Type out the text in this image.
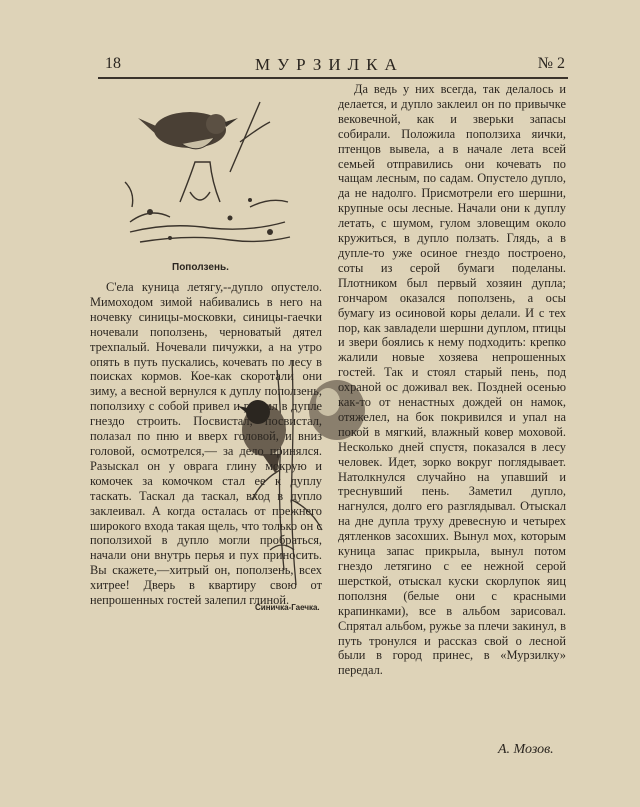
18	МУРЗИЛКА	№ 2
Поползень.
Синичка-Гаечка.

С'ела куница летягу,--дупло опустело. Мимоходом зимой набивались в него на ночевку синицы-московки, синицы-гаечки ночевали поползень, черноватый дятел трехпалый. Ночевали пичужки, а на утро опять в путь пускались, кочевать по лесу в поисках кормов. Кое-как скоротали они зиму, а весной вернулся к дуплу поползень, поползиху с собой привел и решил в дупле гнездо строить. Посвистал, посвистал, полазал по пню и вверх головой, и вниз головой, осмотрелся,— за дело принялся. Разыскал он у оврага глину мокрую и комочек за комочком стал ее к дуплу таскать. Таскал да таскал, вход в дупло заклеивал. А когда осталась от прежнего широкого входа такая щель, что только он с поползихой в дупло могли пробраться, начали они внутрь перья и пух приносить. Вы скажете,—хитрый он, поползень, всех хитрее! Дверь в квартиру свою от непрошенных гостей залепил глиной.

Да ведь у них всегда, так делалось и делается, и дупло заклеил он по привычке вековечной, как и зверьки запасы собирали. Положила поползиха яички, птенцов вывела, а в начале лета всей семьей отправились они кочевать по чащам лесным, по садам. Опустело дупло, да не надолго. Присмотрели его шершни, крупные осы лесные. Начали они к дуплу летать, с шумом, гулом зловещим около кружиться, в дупло ползать. Глядь, а в дупле-то уже осиное гнездо построено, соты из серой бумаги поделаны. Плотником был первый хозяин дупла; гончаром оказался поползень, а осы бумагу из осиновой коры делали. И с тех пор, как завладели шершни дуплом, птицы и звери боялись к нему подходить: крепко жалили новые хозяева непрошенных гостей. Так и стоял старый пень, под охраной ос доживал век. Поздней осенью как-то от ненастных дождей он намок, отяжелел, на бок покривился и упал на покой в мягкий, влажный ковер моховой. Несколько дней спустя, показался в лесу человек. Идет, зорко вокруг поглядывает. Натолкнулся случайно на упавший и треснувший пень. Заметил дупло, нагнулся, долго его разглядывал. Отыскал на дне дупла труху древесную и четырех дятленков засохших. Вынул мох, которым куница запас прикрыла, вынул потом гнездо летягино с ее нежной серой шерсткой, отыскал куски скорлупок яиц поползня (белые они с красными крапинками), все в альбом зарисовал. Спрятал альбом, ружье за плечи закинул, в путь тронулся и рассказ свой о лесной были в город принес, в «Мурзилку» передал.

А. Мозов.
